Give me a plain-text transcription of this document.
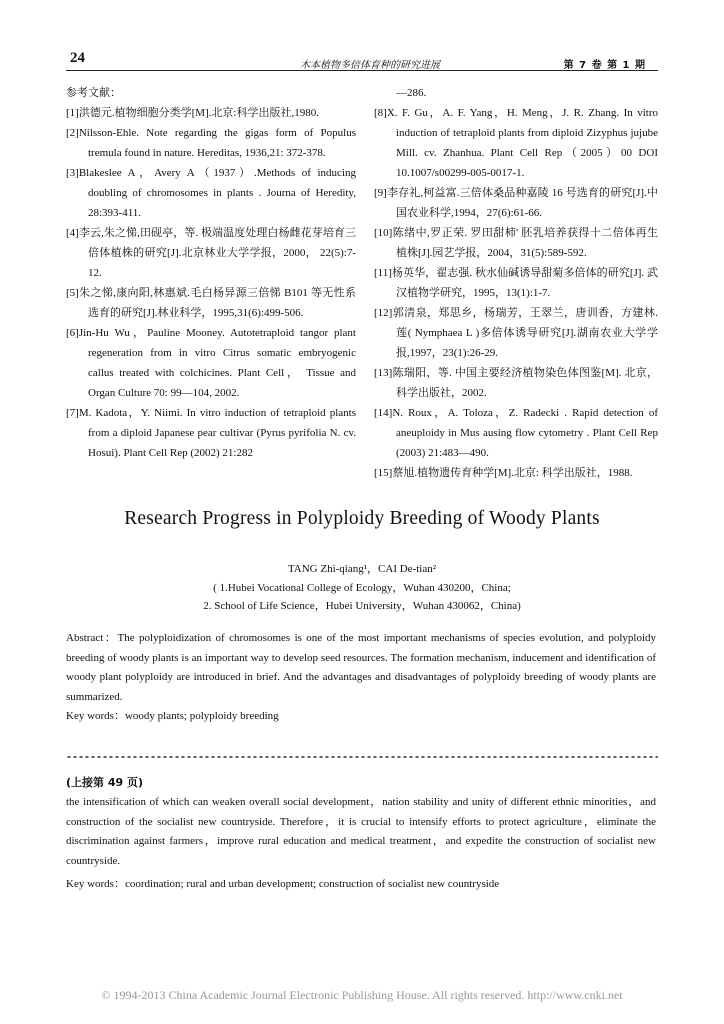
24	木本植物多倍体育种的研究进展	第 7 卷 第 1 期
参考文献：
[1]洪德元.植物细胞分类学[M].北京:科学出版社,1980.
[2]Nilsson-Ehle. Note regarding the gigas form of Populus tremula found in nature. Hereditas, 1936,21: 372-378.
[3]Blakeslee A，Avery A（1937）.Methods of inducing doubling of chromosomes in plants . Journa of Heredity, 28:393-411.
[4]李云,朱之悌,田砚亭，等. 极端温度处理白杨雌花芽培育三倍体植株的研究[J].北京林业大学学报，2000， 22(5):7-12.
[5]朱之悌,康向阳,林惠斌.毛白杨异源三倍悌 B101 等无性系选育的研究[J].林业科学，1995,31(6):499-506.
[6]Jin-Hu Wu，Pauline Mooney. Autotetraploid tangor plant regeneration from in vitro Citrus somatic embryogenic callus treated with colchicines. Plant Cell， Tissue and Organ Culture 70: 99—104, 2002.
[7]M. Kadota，Y. Niimi. In vitro induction of tetraploid plants from a diploid Japanese pear cultivar (Pyrus pyrifolia N. cv. Hosui). Plant Cell Rep (2002) 21:282
—286.
[8]X. F. Gu，A. F. Yang，H. Meng，J. R. Zhang. In vitro induction of tetraploid plants from diploid Zizyphus jujube Mill. cv. Zhanhua. Plant Cell Rep（2005）00 DOI 10.1007/s00299-005-0017-1.
[9]李存礼,柯益富.三倍体桑品种嘉陵 16 号选育的研究[J].中国农业科学,1994，27(6):61-66.
[10]陈绪中,罗正荣. 罗田甜柿' 胚乳培养获得十二倍体再生植株[J].园艺学报，2004，31(5):589-592.
[11]杨英华，翟志强. 秋水仙碱诱导甜菊多倍体的研究[J]. 武汉植物学研究，1995，13(1):1-7.
[12]郭清泉，郑思乡，杨瑞芳，王翠兰，唐训香，方建林.莲( Nymphaea L )多倍体诱导研究[J].湖南农业大学学报,1997，23(1):26-29.
[13]陈瑞阳，等. 中国主要经济植物染色体图鉴[M]. 北京，科学出版社，2002.
[14]N. Roux，A. Toloza，Z. Radecki . Rapid detection of aneuploidy in Mus ausing flow cytometry . Plant Cell Rep (2003) 21:483—490.
[15]蔡旭.植物遗传育种学[M].北京: 科学出版社，1988.
Research Progress in Polyploidy Breeding of Woody Plants
TANG Zhi-qiang¹，CAI De-tian²
( 1.Hubei Vocational College of Ecology，Wuhan 430200，China;
2. School of Life Science，Hubei University，Wuhan 430062，China)
Abstract：The polyploidization of chromosomes is one of the most important mechanisms of species evolution, and polyploidy breeding of woody plants is an important way to develop seed resources. The formation mechanism, inducement and identification of woody plant polyploidy are introduced in brief. And the advantages and disadvantages of polyploidy breeding of woody plants are summarized.
Key words：woody plants; polyploidy breeding
(上接第 49 页)
the intensification of which can weaken overall social development，nation stability and unity of different ethnic minorities，and construction of the socialist new countryside. Therefore，it is crucial to intensify efforts to protect agriculture，eliminate the discrimination against farmers，improve rural education and medical treatment，and expedite the construction of socialist new countryside.
Key words：coordination; rural and urban development; construction of socialist new countryside
© 1994-2013 China Academic Journal Electronic Publishing House. All rights reserved. http://www.cnki.net
